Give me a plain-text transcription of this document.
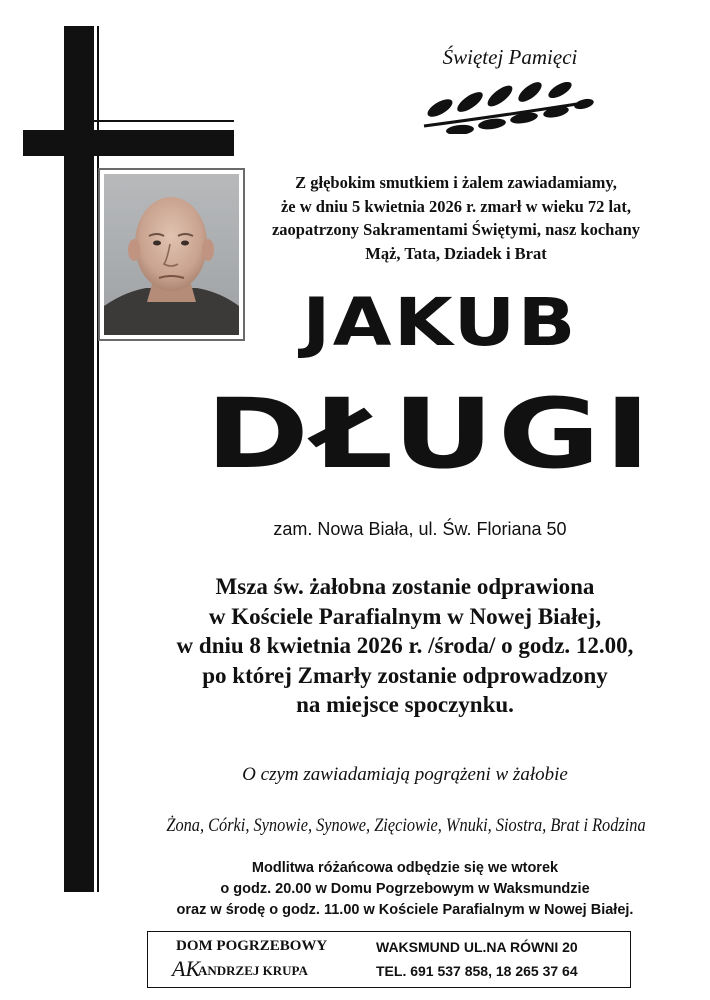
Świętej Pamięci
Z głębokim smutkiem i żalem zawiadamiamy,
że w dniu 5 kwietnia 2026 r. zmarł w wieku 72 lat,
zaopatrzony Sakramentami Świętymi, nasz kochany
Mąż, Tata, Dziadek i Brat
JAKUB
DŁUGI
zam. Nowa Biała, ul. Św. Floriana 50
Msza św. żałobna zostanie odprawiona
w Kościele Parafialnym w Nowej Białej,
w dniu 8 kwietnia 2026 r. /środa/ o godz. 12.00,
po której Zmarły zostanie odprowadzony
na miejsce spoczynku.
O czym zawiadamiają pogrążeni w żałobie
Żona, Córki, Synowie, Synowe, Zięciowie, Wnuki, Siostra, Brat i Rodzina
Modlitwa różańcowa odbędzie się we wtorek
o godz. 20.00 w Domu Pogrzebowym w Waksmundzie
oraz w środę o godz. 11.00 w Kościele Parafialnym w Nowej Białej.
DOM POGRZEBOWY
AK
ANDRZEJ KRUPA
WAKSMUND UL.NA RÓWNI 20
TEL. 691 537 858, 18 265 37 64
